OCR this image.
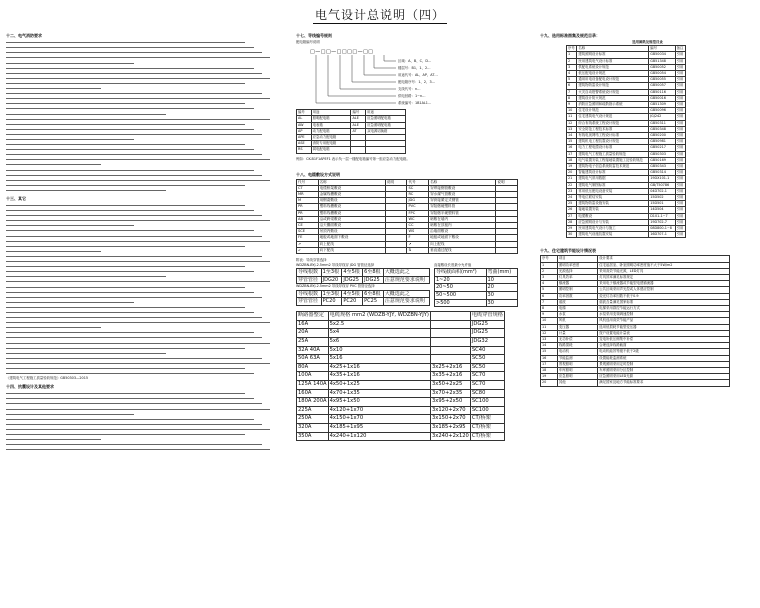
电气设计总说明（四）
十二、电气消防要求
十三、其它
《建筑电气工程施工质量验收规范》GB50303—2015
十四、抗震设计及其他要求
十七、导线编号规则
配电箱编号说明
□—□□—□□□□—□□
区域：A、B、C、D…
楼层号：B1、1、2…
用途代号：AL、AP、AT…
配电箱序号：1、2、3…
支线代号：n…
供电回路：1~n…
系统编号：1B1AL1…
编号	用途	编号	用途
AL	照明配电箱	ALE	应急照明配电箱
AW	电表箱	ALE	应急照明配电箱
AP	动力配电箱	AT	双电源切换箱
APE	应急动力配电箱		
ASE	消防专用配电箱		
RS	弱电配电箱		
例如：CK-B1F1APEF1 表示负一层一楼配电箱编号第一组应急动力配电箱。
十八、电缆敷设方式说明
代号	名称	说明	代号	名称	说明
CT	电缆桥架敷设		SC	穿焊接钢管敷设	
MR	金属线槽敷设		RC	穿水煤气管敷设	
M	用钢索敷设		JDG	穿套接紧定式钢管	
PR	塑料线槽敷设		PVC	穿阻燃硬塑料管	
PR	塑料线槽敷设		FPC	穿阻燃半硬塑料管	
AB	沿或跨梁敷设		WC	暗敷在墙内	
CE	沿天棚面敷设		CC	暗敷在顶板内	
SCE	吊顶内敷设		WS	沿墙面敷设	
FE	地板或地面下敷设		F	地板或地面下敷设	
↗	向上配线		↗	向上配线	
↙	向下配线		⇅	垂直通过配线	
附表：导线穿管选择
WDZBN-BYJ-2.5mm2 导线导线穿 JDG 管管径选择
导线根数	1至3根	4至5根	6至8根	大概选此之
穿管管径	JDG20	JDG25	JDG25	注意规范要求说明
WDZBN-BYJ-2.5mm2 导线导线穿 PVC 管管径选择
导线根数	1至3根	4至5根	6至8根	大概选此之
穿管管径	PC20	PC20	PC25	注意规范要求说明
直接敷设长度最小允许值
导线截面积(mm²)	弯曲(mm)
1~20	10
20~50	20
50~500	30
>500	30
断路器整定	电缆规格 mm2 (WDZB-YJY, WDZBN-YJY)		电缆穿管规格
16A	5x2.5		JDG25
20A	5x4		JDG25
25A	5x6		JDG32
32A 40A	5x10		SC40
50A 63A	5x16		SC50
80A	4x25+1x16	3x25+2x16	SC50
100A	4x35+1x16	3x35+2x16	SC70
125A 140A	4x50+1x25	3x50+2x25	SC70
160A	4x70+1x35	3x70+2x35	SC80
180A 200A	4x95+1x50	3x95+2x50	SC100
225A	4x120+1x70	3x120+2x70	SC100
250A	4x150+1x70	3x150+2x70	CT/桥架
320A	4x185+1x95	3x185+2x95	CT/桥架
350A	4x240+1x120	3x240+2x120	CT/桥架
十九、选用标准图集及规范目录：
选用图纸及规范目录
序号	名称	编号	备注
1	建筑照明设计标准	GB50034	引用
2	民用建筑电气设计标准	GB51348	引用
3	供配电系统设计规范	GB50052	引用
4	低压配电设计规范	GB50054	引用
5	通用用电设备配电设计规范	GB50055	引用
6	建筑物防雷设计规范	GB50057	引用
7	火灾自动报警系统设计规范	GB50116	引用
8	建筑设计防火规范	GB50016	引用
9	消防应急照明和疏散指示系统	GB51309	引用
10	住宅设计规范	GB50096	引用
11	住宅建筑电气设计规范	JGJ242	引用
12	综合布线系统工程设计规范	GB50311	引用
13	安全防范工程技术标准	GB50348	引用
14	有线电视网络工程设计标准	GB50200	引用
15	建筑机电工程抗震设计规范	GB50981	引用
16	电力工程电缆设计标准	GB50217	引用
17	建筑电气工程施工质量验收规范	GB50303	引用
18	电气装置安装工程接地装置施工及验收规范	GB50169	引用
19	建筑物电子信息系统防雷技术规范	GB50343	引用
20	智能建筑设计标准	GB50314	引用
21	建筑电气常用数据	19DX101-1	引用
22	建筑电气制图标准	GB/T50786	引用
23	常用低压配电设备安装	04D702-1	引用
24	等电位联结安装	15D502	引用
25	建筑物防雷设施安装	15D501	引用
26	接地装置安装	14D504	引用
27	电缆敷设	D101-1~7	引用
28	应急照明设计与安装	19D702-7	引用
29	民用建筑电气设计与施工	08D800-1~8	引用
30	建筑电气设施抗震安装	16D707-1	引用
十九、住宅建筑节能设计情况表
序号	项目	设计要求
1	照明功率密度	住宅起居室、卧室照明功率密度值不大于5W/m2
2	光源选择	采用高效节能光源，LED灯具
3	灯具效率	灯具效率满足标准规定
4	镇流器	采用电子镇流器或节能型电感镇流器
5	照明控制	公共区域采用声光控或人体感应控制
6	功率因数	荧光灯功率因数不低于0.9
7	谐波	谐波含量满足国家标准
8	电梯	电梯采用群控节能运行方式
9	水泵	水泵采用变频调速控制
10	风机	风机选用高效节能产品
11	变压器	选用低损耗节能型变压器
12	计量	按户设置电能计量表
13	无功补偿	变电所低压侧集中补偿
14	线路损耗	合理选择线路截面
15	电动机	电动机能效等级不低于2级
16	节能监测	设置能耗监测系统
17	景观照明	景观照明采用定时控制
18	车库照明	车库照明采用分区控制
19	应急照明	应急照明采用LED光源
20	其他	满足国家及地方节能标准要求
